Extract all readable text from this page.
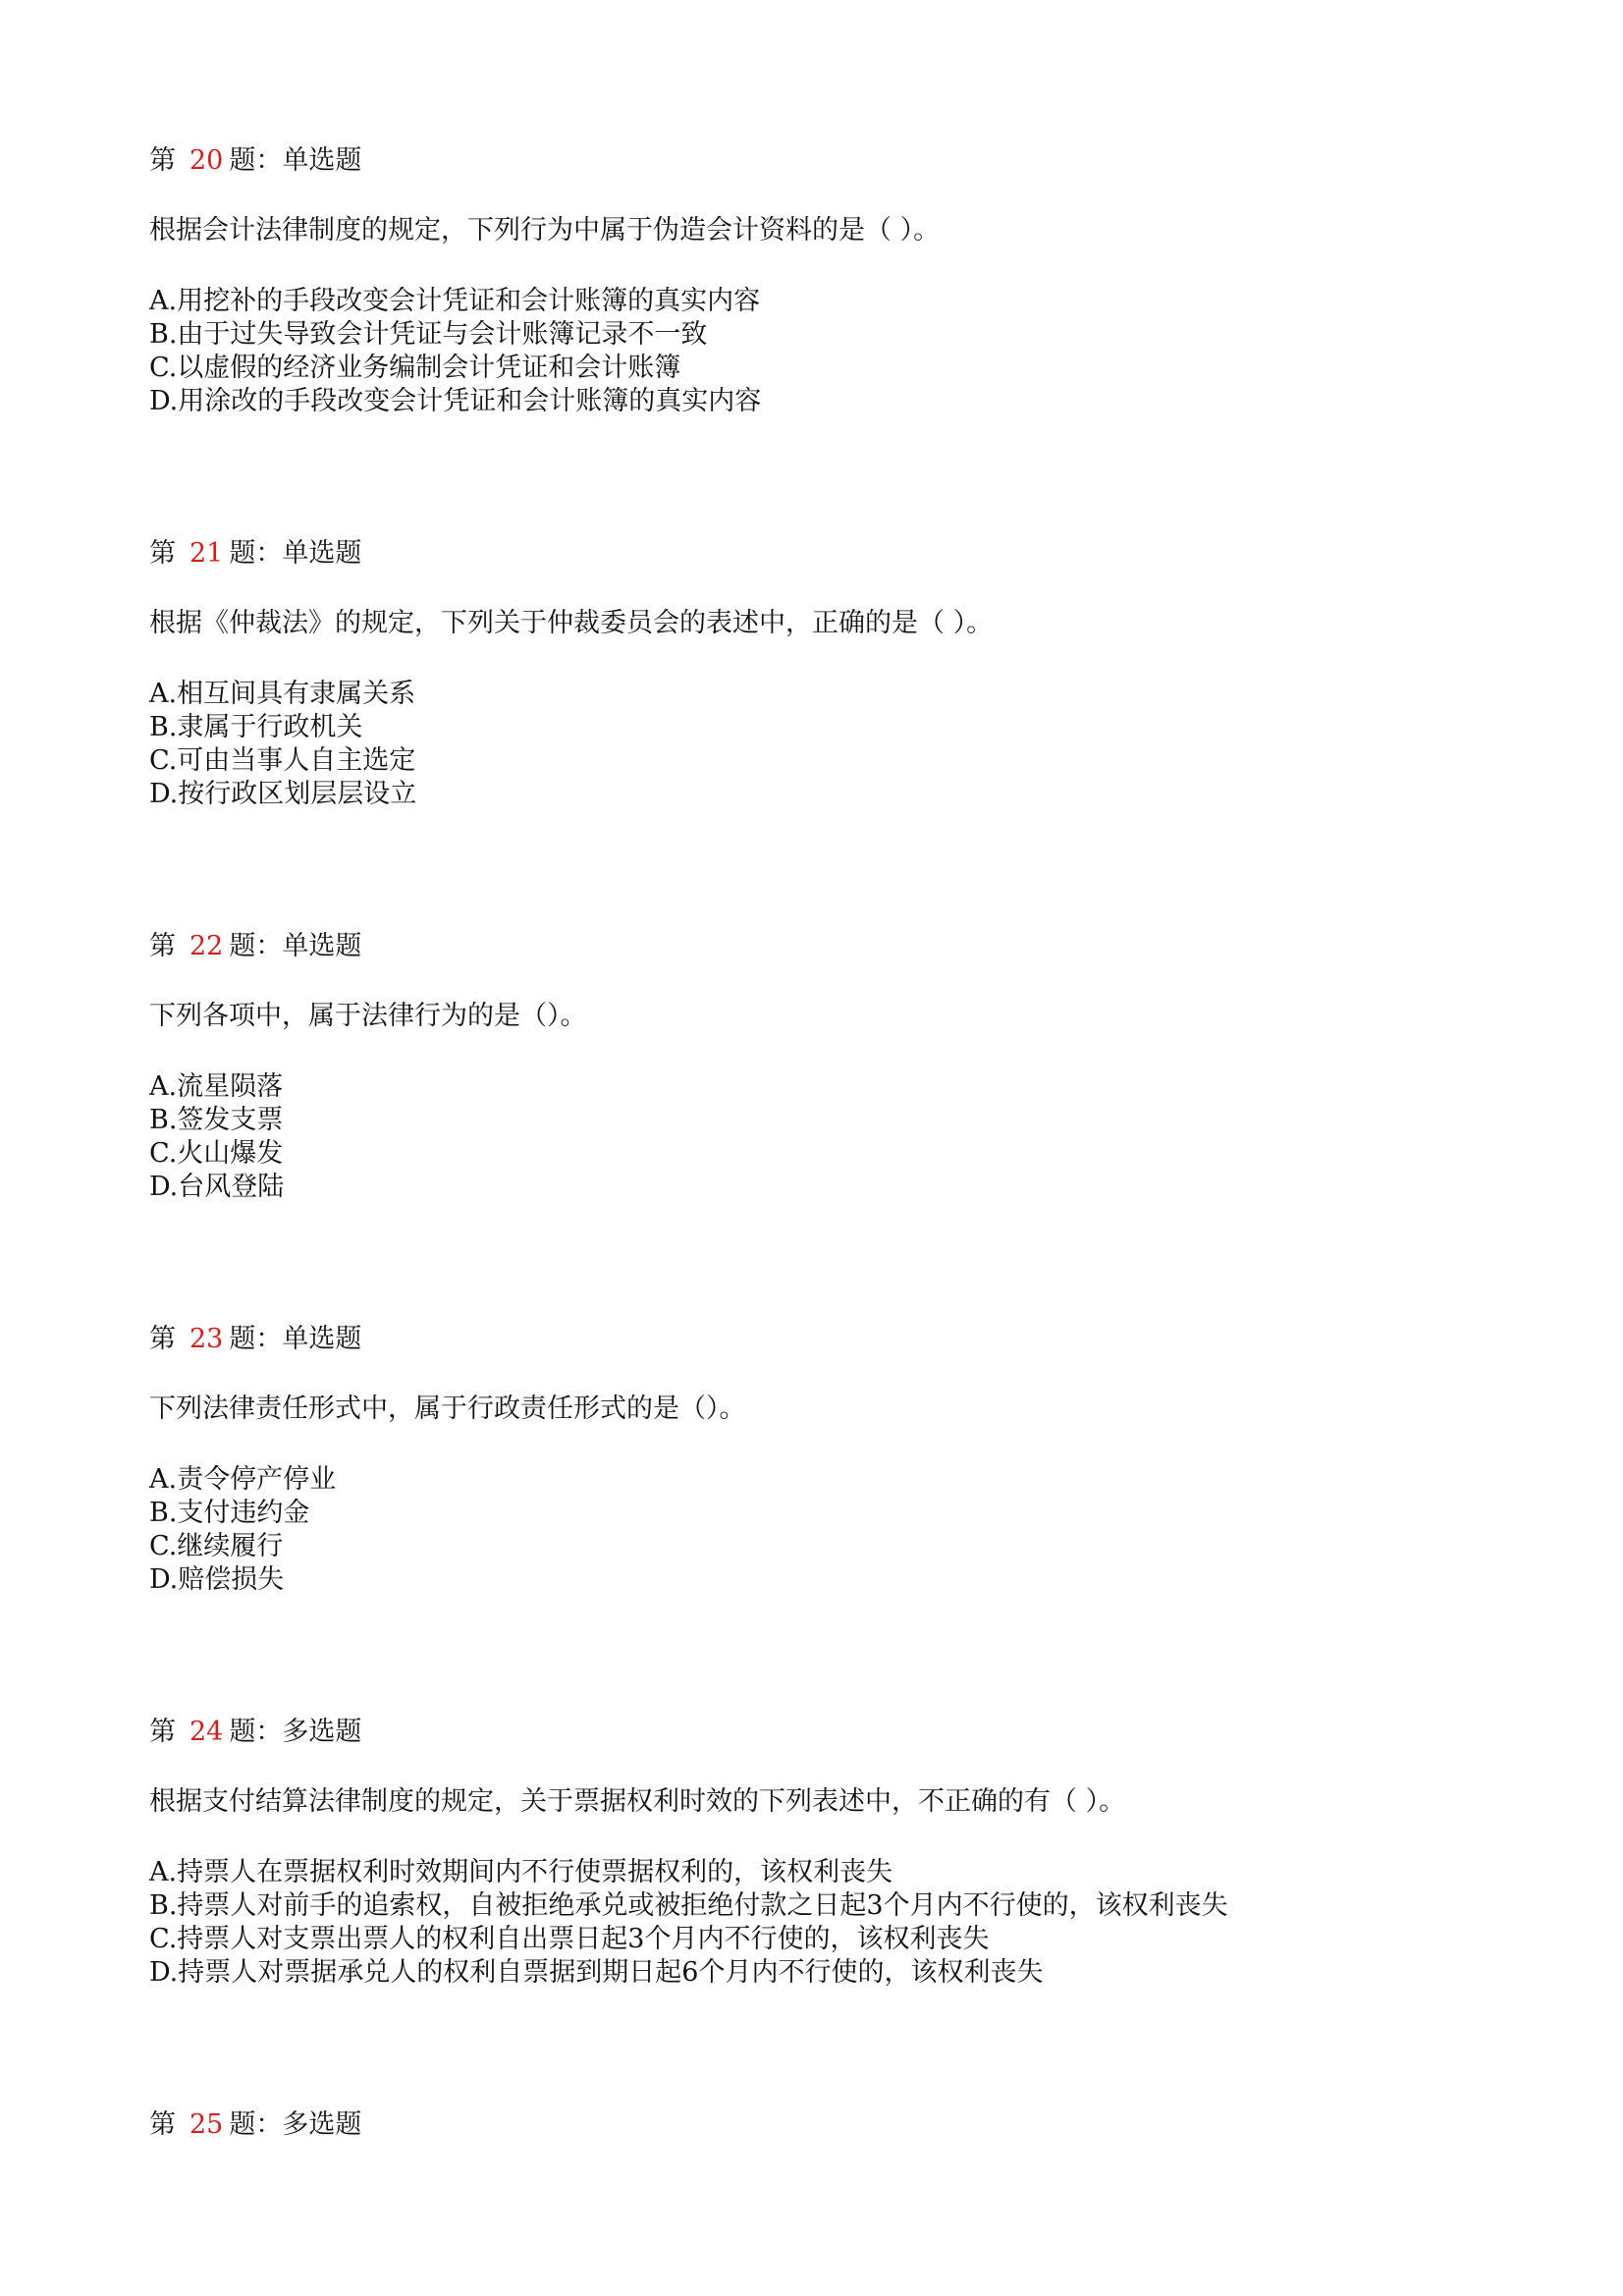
第 20 题：单选题
根据会计法律制度的规定，下列行为中属于伪造会计资料的是（ ）。
A.用挖补的手段改变会计凭证和会计账簿的真实内容
B.由于过失导致会计凭证与会计账簿记录不一致
C.以虚假的经济业务编制会计凭证和会计账簿
D.用涂改的手段改变会计凭证和会计账簿的真实内容
第 21 题：单选题
根据《仲裁法》的规定，下列关于仲裁委员会的表述中，正确的是（ ）。
A.相互间具有隶属关系
B.隶属于行政机关
C.可由当事人自主选定
D.按行政区划层层设立
第 22 题：单选题
下列各项中，属于法律行为的是（）。
A.流星陨落
B.签发支票
C.火山爆发
D.台风登陆
第 23 题：单选题
下列法律责任形式中，属于行政责任形式的是（）。
A.责令停产停业
B.支付违约金
C.继续履行
D.赔偿损失
第 24 题：多选题
根据支付结算法律制度的规定，关于票据权利时效的下列表述中，不正确的有（ ）。
A.持票人在票据权利时效期间内不行使票据权利的，该权利丧失
B.持票人对前手的追索权，自被拒绝承兑或被拒绝付款之日起3个月内不行使的，该权利丧失
C.持票人对支票出票人的权利自出票日起3个月内不行使的，该权利丧失
D.持票人对票据承兑人的权利自票据到期日起6个月内不行使的，该权利丧失
第 25 题：多选题
